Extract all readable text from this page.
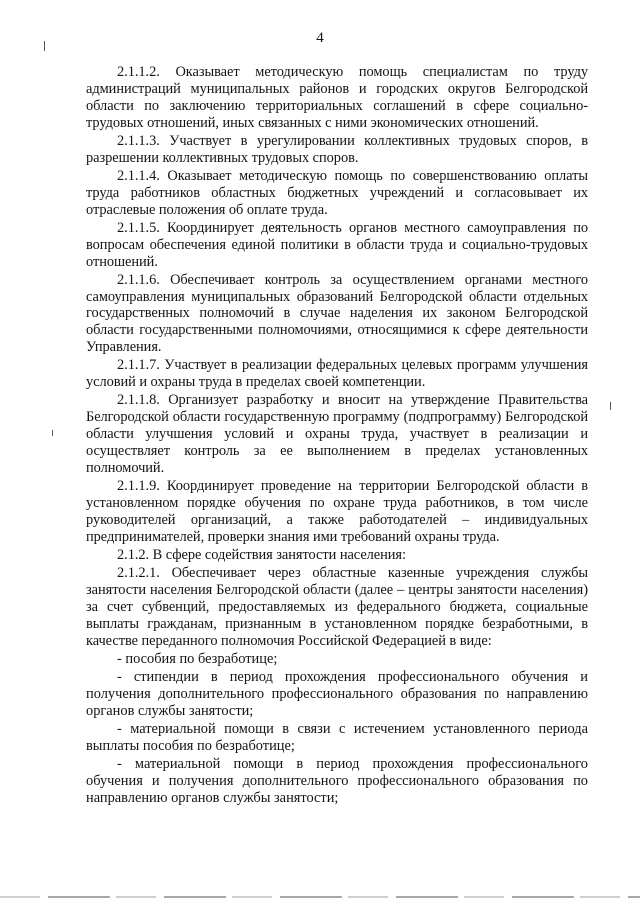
4

2.1.1.2. Оказывает методическую помощь специалистам по труду администраций муниципальных районов и городских округов Белгородской области по заключению территориальных соглашений в сфере социально-трудовых отношений, иных связанных с ними экономических отношений.

2.1.1.3. Участвует в урегулировании коллективных трудовых споров, в разрешении коллективных трудовых споров.

2.1.1.4. Оказывает методическую помощь по совершенствованию оплаты труда работников областных бюджетных учреждений и согласовывает их отраслевые положения об оплате труда.

2.1.1.5. Координирует деятельность органов местного самоуправления по вопросам обеспечения единой политики в области труда и социально-трудовых отношений.

2.1.1.6. Обеспечивает контроль за осуществлением органами местного самоуправления муниципальных образований Белгородской области отдельных государственных полномочий в случае наделения их законом Белгородской области государственными полномочиями, относящимися к сфере деятельности Управления.

2.1.1.7. Участвует в реализации федеральных целевых программ улучшения условий и охраны труда в пределах своей компетенции.

2.1.1.8. Организует разработку и вносит на утверждение Правительства Белгородской области государственную программу (подпрограмму) Белгородской области улучшения условий и охраны труда, участвует в реализации и осуществляет контроль за ее выполнением в пределах установленных полномочий.

2.1.1.9. Координирует проведение на территории Белгородской области в установленном порядке обучения по охране труда работников, в том числе руководителей организаций, а также работодателей – индивидуальных предпринимателей, проверки знания ими требований охраны труда.

2.1.2. В сфере содействия занятости населения:

2.1.2.1. Обеспечивает через областные казенные учреждения службы занятости населения Белгородской области (далее – центры занятости населения) за счет субвенций, предоставляемых из федерального бюджета, социальные выплаты гражданам, признанным в установленном порядке безработными, в качестве переданного полномочия Российской Федерацией в виде:

- пособия по безработице;

- стипендии в период прохождения профессионального обучения и получения дополнительного профессионального образования по направлению органов службы занятости;

- материальной помощи в связи с истечением установленного периода выплаты пособия по безработице;

- материальной помощи в период прохождения профессионального обучения и получения дополнительного профессионального образования по направлению органов службы занятости;
